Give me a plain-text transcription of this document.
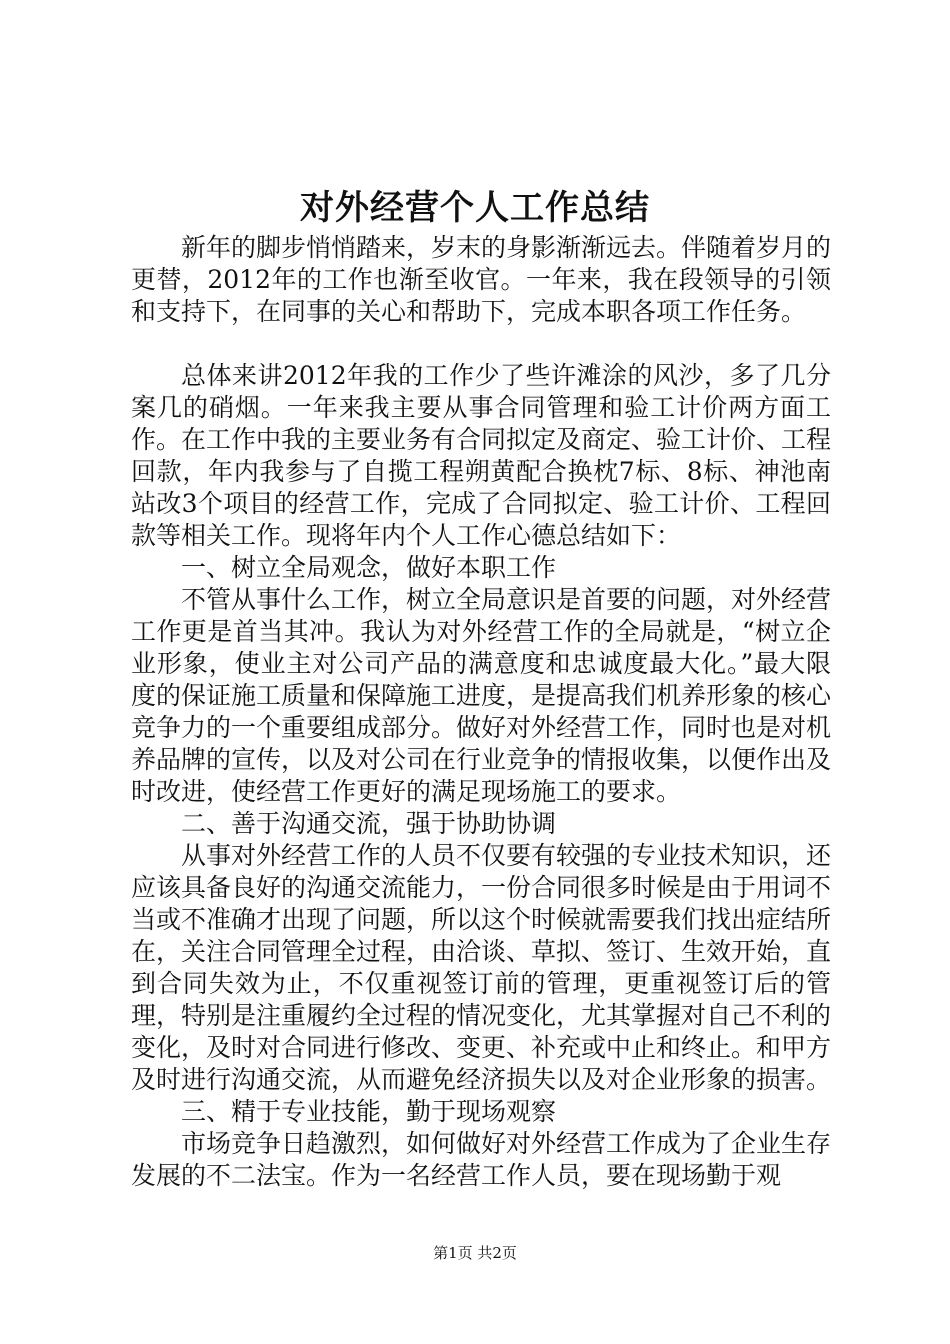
对外经营个人工作总结

新年的脚步悄悄踏来，岁末的身影渐渐远去。伴随着岁月的更替，2012年的工作也渐至收官。一年来，我在段领导的引领和支持下，在同事的关心和帮助下，完成本职各项工作任务。

总体来讲2012年我的工作少了些许滩涂的风沙，多了几分案几的硝烟。一年来我主要从事合同管理和验工计价两方面工作。在工作中我的主要业务有合同拟定及商定、验工计价、工程回款，年内我参与了自揽工程朔黄配合换枕7标、8标、神池南站改3个项目的经营工作，完成了合同拟定、验工计价、工程回款等相关工作。现将年内个人工作心德总结如下：

一、树立全局观念，做好本职工作

不管从事什么工作，树立全局意识是首要的问题，对外经营工作更是首当其冲。我认为对外经营工作的全局就是，“树立企业形象，使业主对公司产品的满意度和忠诚度最大化。”最大限度的保证施工质量和保障施工进度，是提高我们机养形象的核心竞争力的一个重要组成部分。做好对外经营工作，同时也是对机养品牌的宣传，以及对公司在行业竞争的情报收集，以便作出及时改进，使经营工作更好的满足现场施工的要求。

二、善于沟通交流，强于协助协调

从事对外经营工作的人员不仅要有较强的专业技术知识，还应该具备良好的沟通交流能力，一份合同很多时候是由于用词不当或不准确才出现了问题，所以这个时候就需要我们找出症结所在，关注合同管理全过程，由洽谈、草拟、签订、生效开始，直到合同失效为止，不仅重视签订前的管理，更重视签订后的管理，特别是注重履约全过程的情况变化，尤其掌握对自己不利的变化，及时对合同进行修改、变更、补充或中止和终止。和甲方及时进行沟通交流，从而避免经济损失以及对企业形象的损害。

三、精于专业技能，勤于现场观察

市场竞争日趋激烈，如何做好对外经营工作成为了企业生存发展的不二法宝。作为一名经营工作人员，要在现场勤于观

第1页 共2页
